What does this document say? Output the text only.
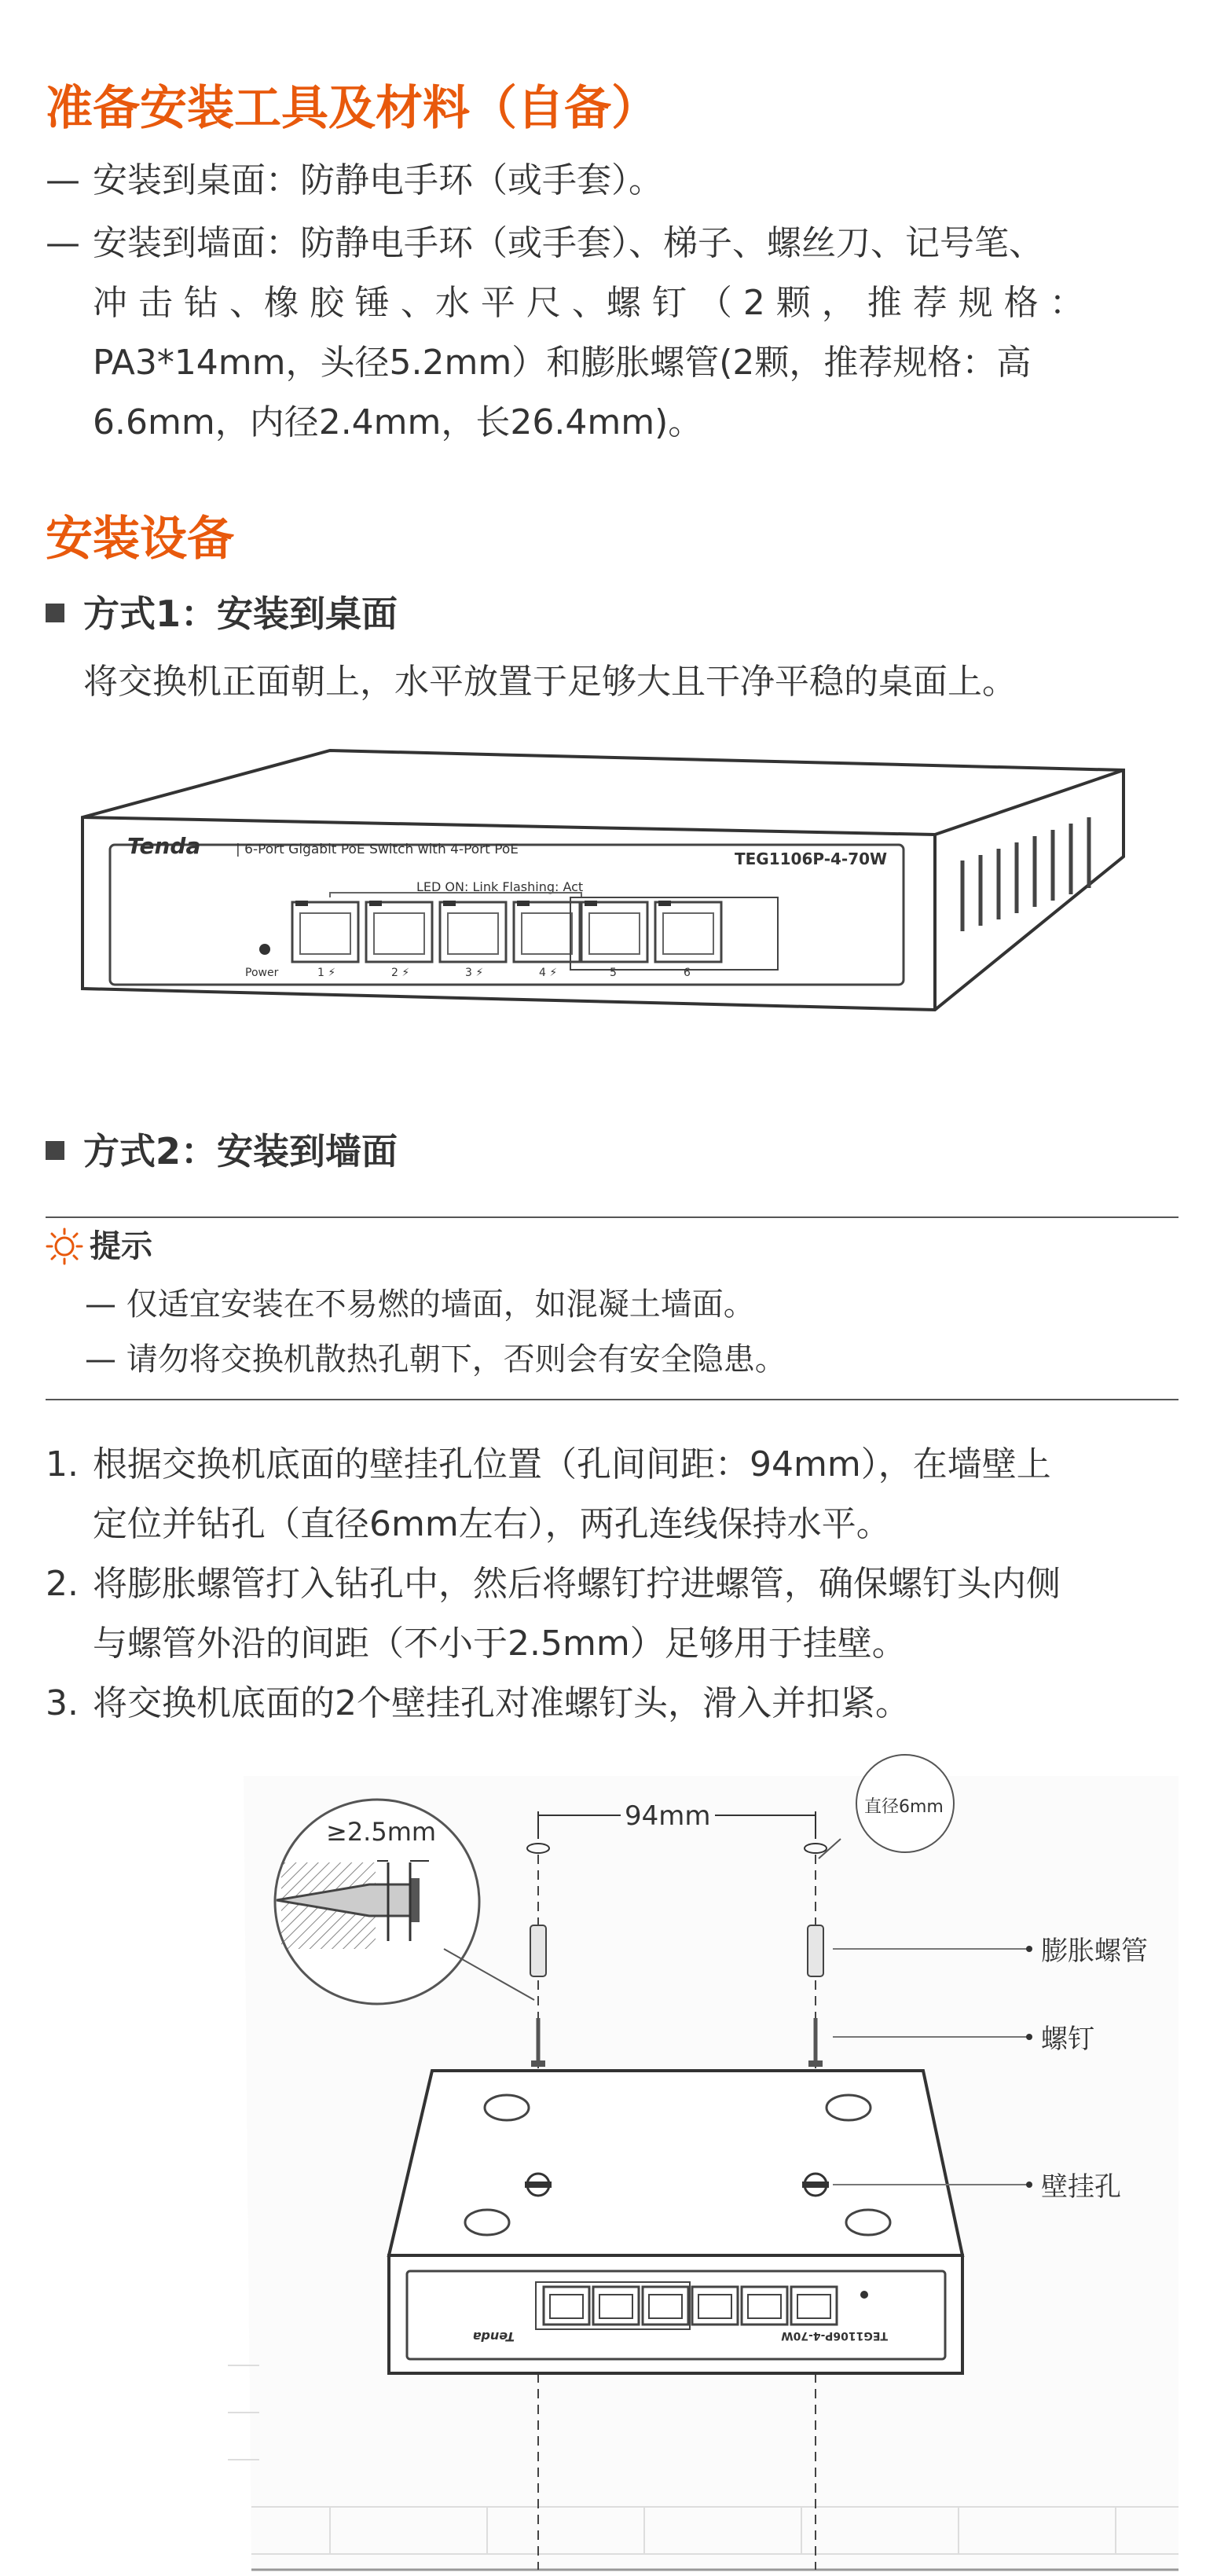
准备安装工具及材料（自备）
— 安装到桌面：防静电手环（或手套）。
— 安装到墙面：防静电手环（或手套）、梯子、螺丝刀、记号笔、
冲 击 钻 、橡 胶 锤 、水 平 尺 、螺 钉 （ 2 颗 ， 推 荐 规 格 ：
PA3*14mm，头径5.2mm）和膨胀螺管(2颗，推荐规格：高
6.6mm，内径2.4mm，长26.4mm)。
安装设备
方式1：安装到桌面
将交换机正面朝上，水平放置于足够大且干净平稳的桌面上。
Tenda	| 6-Port Gigabit PoE Switch with 4-Port PoE	TEG1106P-4-70W
LED ON: Link Flashing: Act
Power	1 ⚡	2 ⚡	3 ⚡	4 ⚡	5	6
方式2：安装到墙面
提示
— 仅适宜安装在不易燃的墙面，如混凝土墙面。
— 请勿将交换机散热孔朝下，否则会有安全隐患。
1. 根据交换机底面的壁挂孔位置（孔间间距：94mm），在墙壁上
定位并钻孔（直径6mm左右），两孔连线保持水平。
2. 将膨胀螺管打入钻孔中，然后将螺钉拧进螺管，确保螺钉头内侧
与螺管外沿的间距（不小于2.5mm）足够用于挂壁。
3. 将交换机底面的2个壁挂孔对准螺钉头，滑入并扣紧。
≥2.5mm	94mm	直径6mm
膨胀螺管
螺钉
壁挂孔
Tenda	TEG1106P-4-70W
